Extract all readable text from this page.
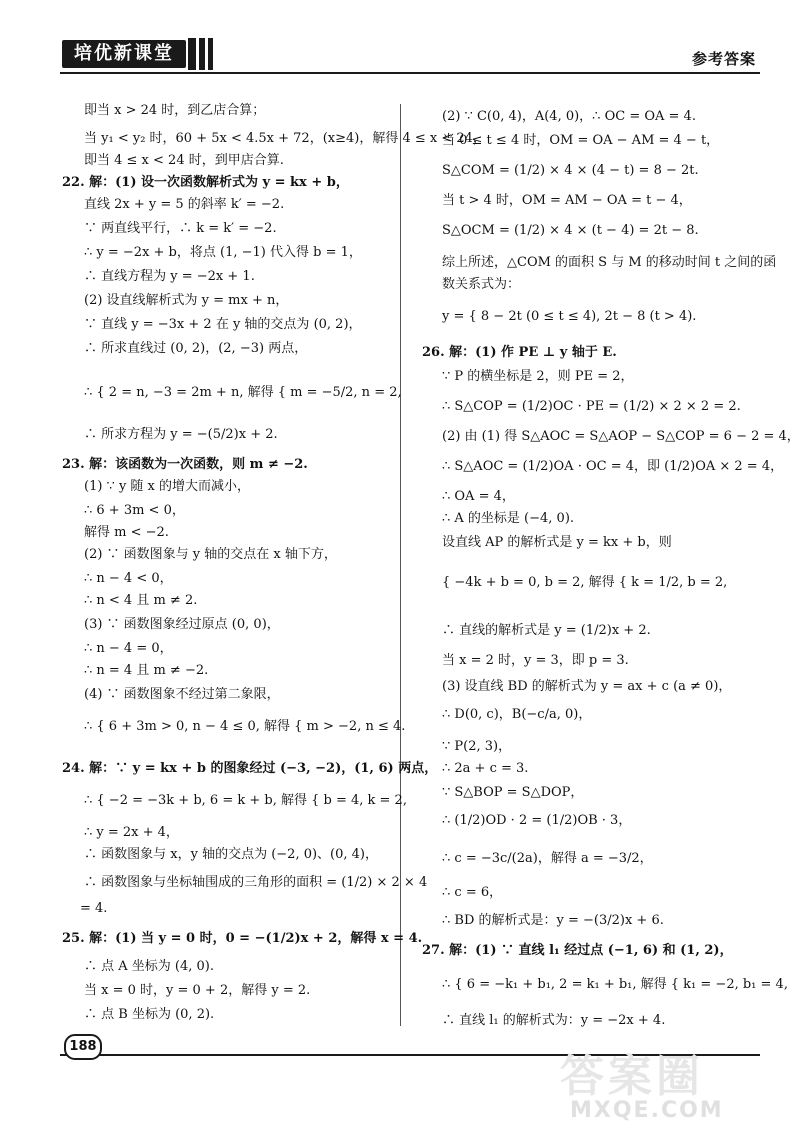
培优新课堂	参考答案
即当 x > 24 时，到乙店合算；
当 y₁ < y₂ 时，60 + 5x < 4.5x + 72，(x≥4)，解得 4 ≤ x < 24，
即当 4 ≤ x < 24 时，到甲店合算.
22. 解：(1) 设一次函数解析式为 y = kx + b，
直线 2x + y = 5 的斜率 k′ = −2.
∵ 两直线平行，∴ k = k′ = −2.
∴ y = −2x + b，将点 (1, −1) 代入得 b = 1，
∴ 直线方程为 y = −2x + 1.
(2) 设直线解析式为 y = mx + n，
∵ 直线 y = −3x + 2 在 y 轴的交点为 (0, 2)，
∴ 所求直线过 (0, 2)，(2, −3) 两点，
∴ { 2 = n, −3 = 2m + n, 解得 { m = −5/2, n = 2,
∴ 所求方程为 y = −(5/2)x + 2.
23. 解：该函数为一次函数，则 m ≠ −2.
(1) ∵ y 随 x 的增大而减小，
∴ 6 + 3m < 0，
解得 m < −2.
(2) ∵ 函数图象与 y 轴的交点在 x 轴下方，
∴ n − 4 < 0，
∴ n < 4 且 m ≠ 2.
(3) ∵ 函数图象经过原点 (0, 0)，
∴ n − 4 = 0，
∴ n = 4 且 m ≠ −2.
(4) ∵ 函数图象不经过第二象限，
∴ { 6 + 3m > 0, n − 4 ≤ 0, 解得 { m > −2, n ≤ 4.
24. 解：∵ y = kx + b 的图象经过 (−3, −2)，(1, 6) 两点，
∴ { −2 = −3k + b, 6 = k + b, 解得 { b = 4, k = 2,
∴ y = 2x + 4，
∴ 函数图象与 x，y 轴的交点为 (−2, 0)、(0, 4)，
∴ 函数图象与坐标轴围成的三角形的面积 = (1/2) × 2 × 4
= 4.
25. 解：(1) 当 y = 0 时，0 = −(1/2)x + 2，解得 x = 4.
∴ 点 A 坐标为 (4, 0).
当 x = 0 时，y = 0 + 2，解得 y = 2.
∴ 点 B 坐标为 (0, 2).
(2) ∵ C(0, 4)，A(4, 0)，∴ OC = OA = 4.
当 0 ≤ t ≤ 4 时，OM = OA − AM = 4 − t，
S△COM = (1/2) × 4 × (4 − t) = 8 − 2t.
当 t > 4 时，OM = AM − OA = t − 4，
S△OCM = (1/2) × 4 × (t − 4) = 2t − 8.
综上所述，△COM 的面积 S 与 M 的移动时间 t 之间的函
数关系式为：
y = { 8 − 2t (0 ≤ t ≤ 4), 2t − 8 (t > 4).
26. 解：(1) 作 PE ⊥ y 轴于 E.
∵ P 的横坐标是 2，则 PE = 2，
∴ S△COP = (1/2)OC · PE = (1/2) × 2 × 2 = 2.
(2) 由 (1) 得 S△AOC = S△AOP − S△COP = 6 − 2 = 4，
∴ S△AOC = (1/2)OA · OC = 4，即 (1/2)OA × 2 = 4，
∴ OA = 4，
∴ A 的坐标是 (−4, 0).
设直线 AP 的解析式是 y = kx + b，则
{ −4k + b = 0, b = 2, 解得 { k = 1/2, b = 2,
∴ 直线的解析式是 y = (1/2)x + 2.
当 x = 2 时，y = 3，即 p = 3.
(3) 设直线 BD 的解析式为 y = ax + c (a ≠ 0)，
∴ D(0, c)，B(−c/a, 0)，
∵ P(2, 3)，
∴ 2a + c = 3.
∵ S△BOP = S△DOP，
∴ (1/2)OD · 2 = (1/2)OB · 3，
∴ c = −3c/(2a)，解得 a = −3/2，
∴ c = 6，
∴ BD 的解析式是：y = −(3/2)x + 6.
27. 解：(1) ∵ 直线 l₁ 经过点 (−1, 6) 和 (1, 2)，
∴ { 6 = −k₁ + b₁, 2 = k₁ + b₁, 解得 { k₁ = −2, b₁ = 4,
∴ 直线 l₁ 的解析式为：y = −2x + 4.
188
答案圈
MXQE.COM
